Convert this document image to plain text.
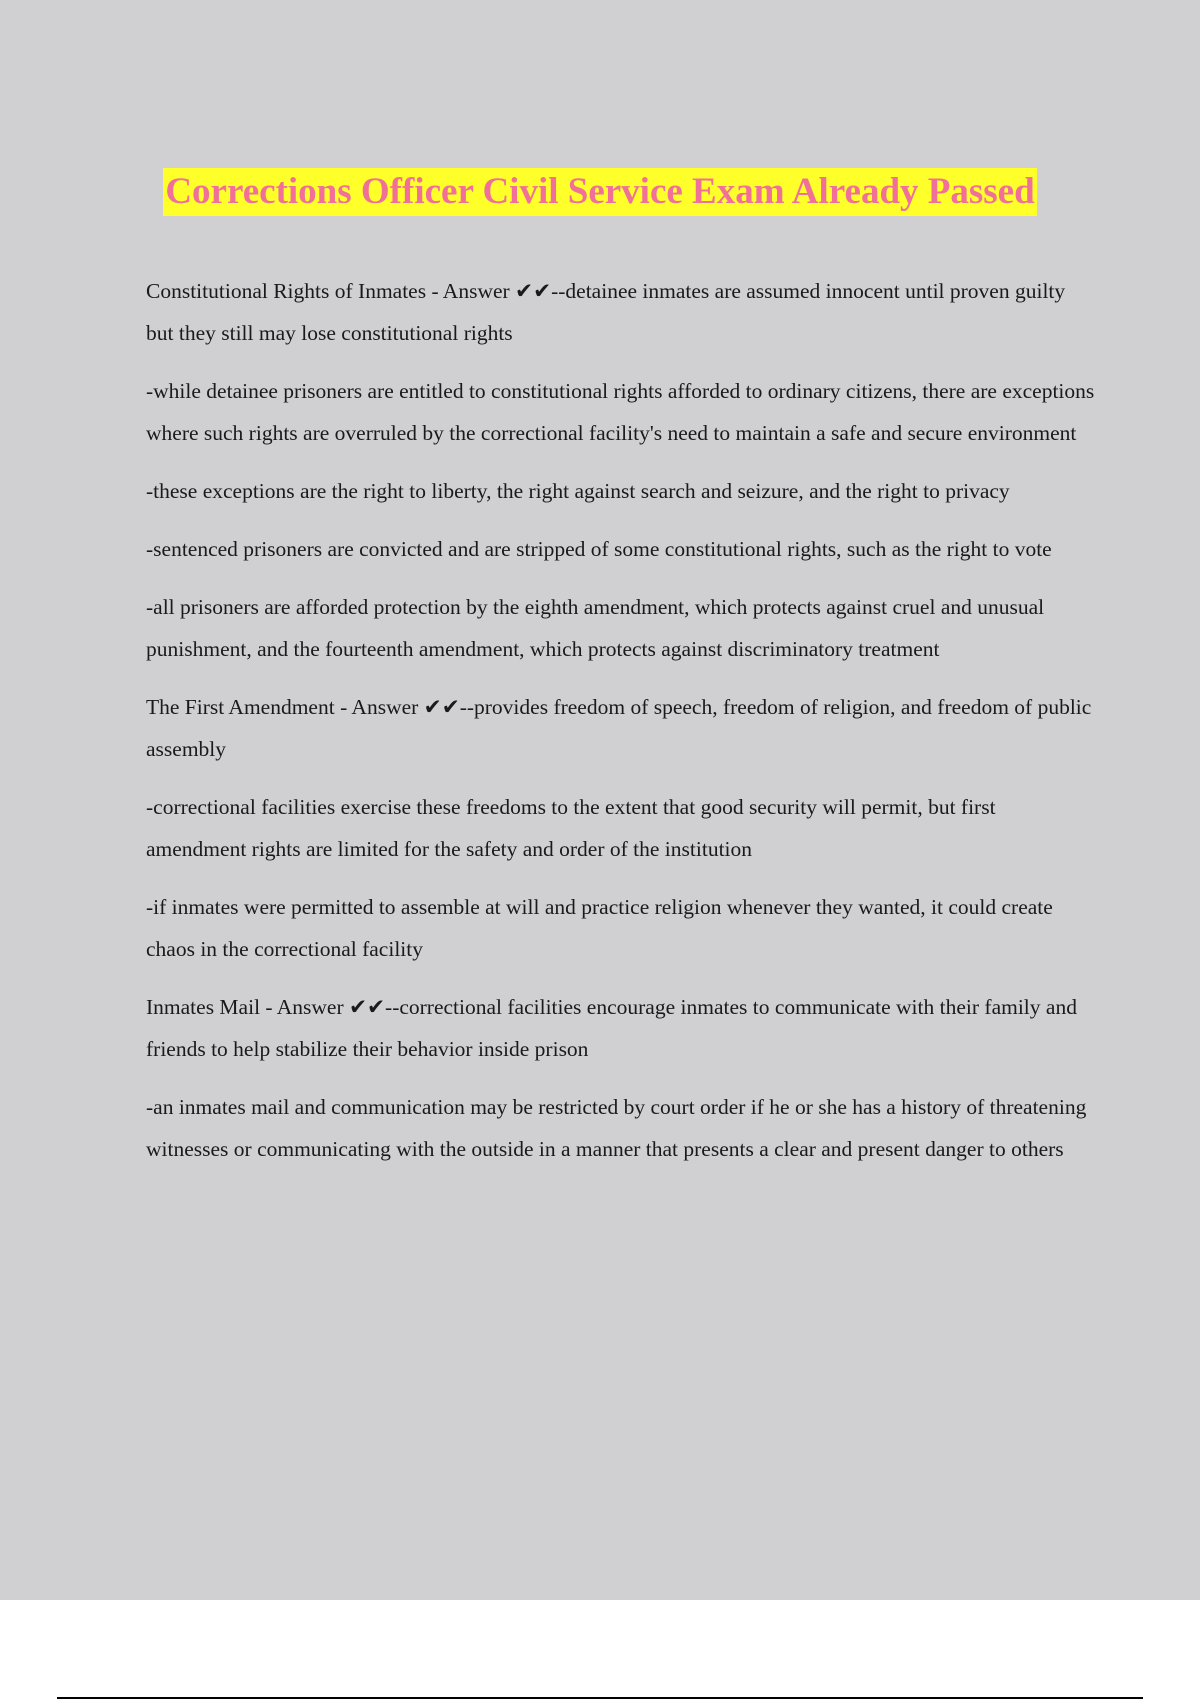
Corrections Officer Civil Service Exam Already Passed

Constitutional Rights of Inmates - Answer ✔✔--detainee inmates are assumed innocent until proven guilty but they still may lose constitutional rights

-while detainee prisoners are entitled to constitutional rights afforded to ordinary citizens, there are exceptions where such rights are overruled by the correctional facility's need to maintain a safe and secure environment

-these exceptions are the right to liberty, the right against search and seizure, and the right to privacy

-sentenced prisoners are convicted and are stripped of some constitutional rights, such as the right to vote

-all prisoners are afforded protection by the eighth amendment, which protects against cruel and unusual punishment, and the fourteenth amendment, which protects against discriminatory treatment

The First Amendment - Answer ✔✔--provides freedom of speech, freedom of religion, and freedom of public assembly

-correctional facilities exercise these freedoms to the extent that good security will permit, but first amendment rights are limited for the safety and order of the institution

-if inmates were permitted to assemble at will and practice religion whenever they wanted, it could create chaos in the correctional facility

Inmates Mail - Answer ✔✔--correctional facilities encourage inmates to communicate with their family and friends to help stabilize their behavior inside prison

-an inmates mail and communication may be restricted by court order if he or she has a history of threatening witnesses or communicating with the outside in a manner that presents a clear and present danger to others
